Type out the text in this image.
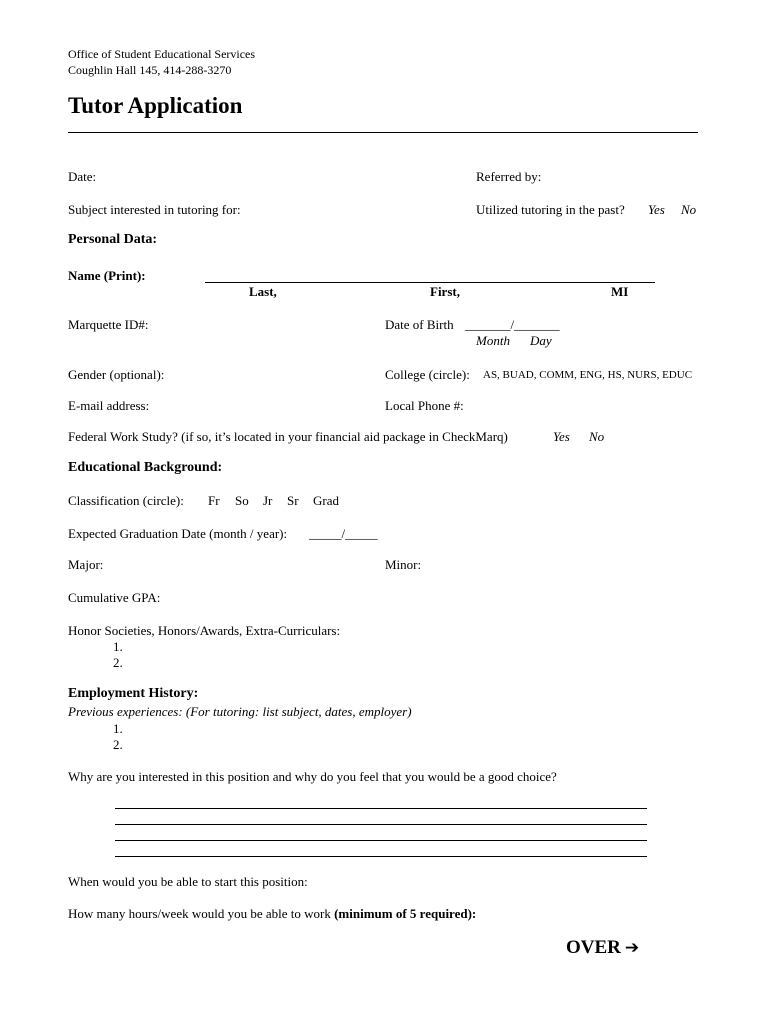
Office of Student Educational Services
Coughlin Hall 145, 414-288-3270
Tutor Application
Date:	Referred by:
Subject interested in tutoring for:	Utilized tutoring in the past? Yes No
Personal Data:
Name (Print):
Last,	First,	MI
Marquette ID#:	Date of Birth _______/_______
Month Day
Gender (optional):	College (circle): AS, BUAD, COMM, ENG, HS, NURS, EDUC
E-mail address:	Local Phone #:
Federal Work Study? (if so, it’s located in your financial aid package in CheckMarq)	Yes No
Educational Background:
Classification (circle): Fr So Jr Sr Grad
Expected Graduation Date (month / year): _____/_____
Major:	Minor:
Cumulative GPA:
Honor Societies, Honors/Awards, Extra-Curriculars:
1.
2.
Employment History:
Previous experiences: (For tutoring: list subject, dates, employer)
1.
2.
Why are you interested in this position and why do you feel that you would be a good choice?
When would you be able to start this position:
How many hours/week would you be able to work (minimum of 5 required):
OVER ➔
